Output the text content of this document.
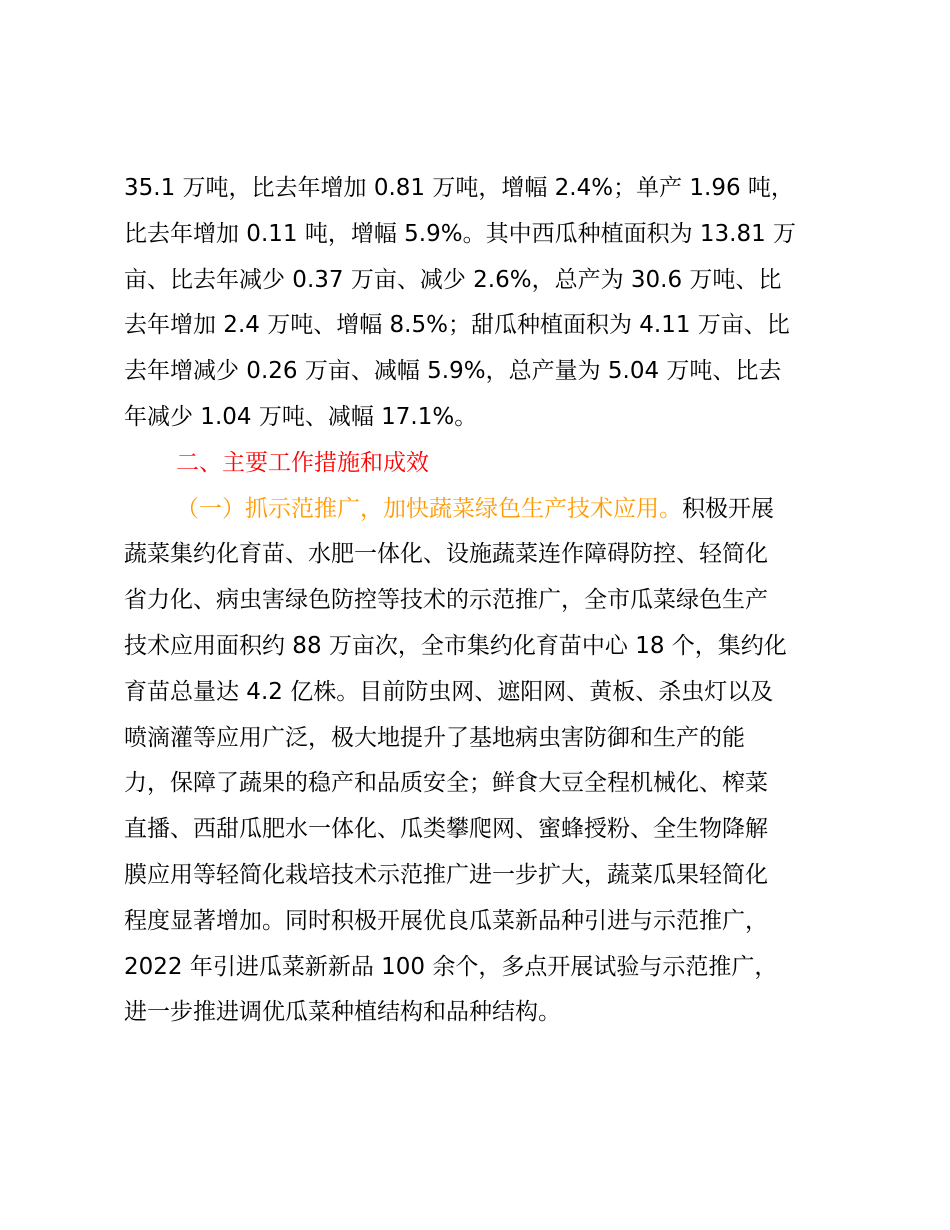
35.1 万吨，比去年增加 0.81 万吨，增幅 2.4%；单产 1.96 吨，
比去年增加 0.11 吨，增幅 5.9%。其中西瓜种植面积为 13.81 万
亩、比去年减少 0.37 万亩、减少 2.6%，总产为 30.6 万吨、比
去年增加 2.4 万吨、增幅 8.5%；甜瓜种植面积为 4.11 万亩、比
去年增减少 0.26 万亩、减幅 5.9%，总产量为 5.04 万吨、比去
年减少 1.04 万吨、减幅 17.1%。
二、主要工作措施和成效
（一）抓示范推广，加快蔬菜绿色生产技术应用。 积极开展
蔬菜集约化育苗、水肥一体化、设施蔬菜连作障碍防控、轻简化
省力化、病虫害绿色防控等技术的示范推广，全市瓜菜绿色生产
技术应用面积约 88 万亩次，全市集约化育苗中心 18 个，集约化
育苗总量达 4.2 亿株。目前防虫网、遮阳网、黄板、杀虫灯以及
喷滴灌等应用广泛，极大地提升了基地病虫害防御和生产的能
力，保障了蔬果的稳产和品质安全；鲜食大豆全程机械化、榨菜
直播、西甜瓜肥水一体化、瓜类攀爬网、蜜蜂授粉、全生物降解
膜应用等轻简化栽培技术示范推广进一步扩大，蔬菜瓜果轻简化
程度显著增加。同时积极开展优良瓜菜新品种引进与示范推广，
2022 年引进瓜菜新新品 100 余个，多点开展试验与示范推广，
进一步推进调优瓜菜种植结构和品种结构。
